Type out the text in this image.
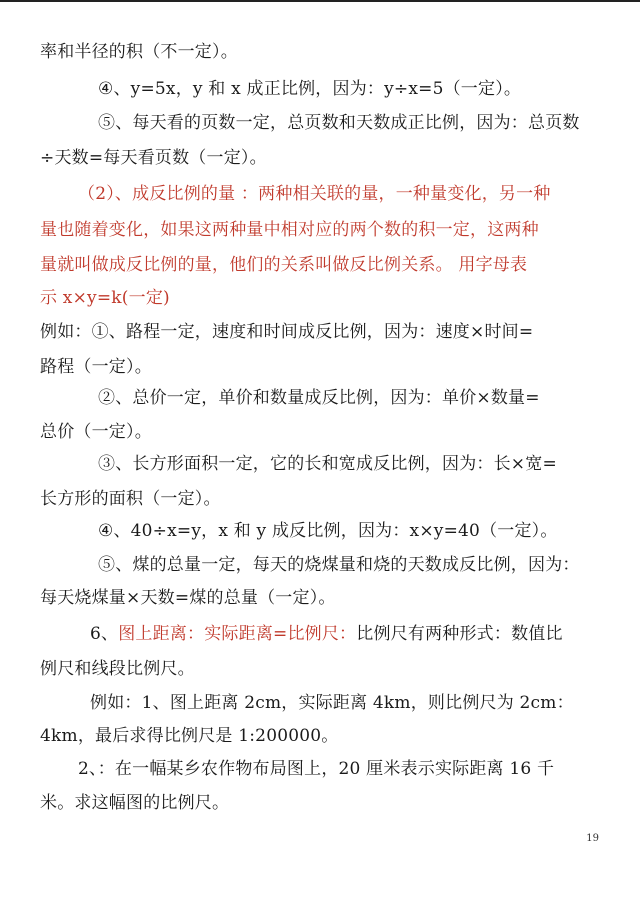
率和半径的积（不一定）。
④、y=5x，y 和 x 成正比例，因为：y÷x=5（一定）。
⑤、每天看的页数一定，总页数和天数成正比例，因为：总页数
÷天数=每天看页数（一定）。
（2）、成反比例的量 ：两种相关联的量，一种量变化，另一种
量也随着变化，如果这两种量中相对应的两个数的积一定，这两种
量就叫做成反比例的量，他们的关系叫做反比例关系。 用字母表
示 x×y=k(一定)
例如：①、路程一定，速度和时间成反比例，因为：速度×时间=
路程（一定）。
②、总价一定，单价和数量成反比例，因为：单价×数量=
总价（一定）。
③、长方形面积一定，它的长和宽成反比例，因为：长×宽=
长方形的面积（一定）。
④、40÷x=y，x 和 y 成反比例，因为：x×y=40（一定）。
⑤、煤的总量一定，每天的烧煤量和烧的天数成反比例，因为：
每天烧煤量×天数=煤的总量（一定）。
6、图上距离：实际距离=比例尺：比例尺有两种形式：数值比
例尺和线段比例尺。
例如：1、图上距离 2cm，实际距离 4km，则比例尺为 2cm：
4km，最后求得比例尺是 1:200000。
2、：在一幅某乡农作物布局图上，20 厘米表示实际距离 16 千
米。求这幅图的比例尺。
19
